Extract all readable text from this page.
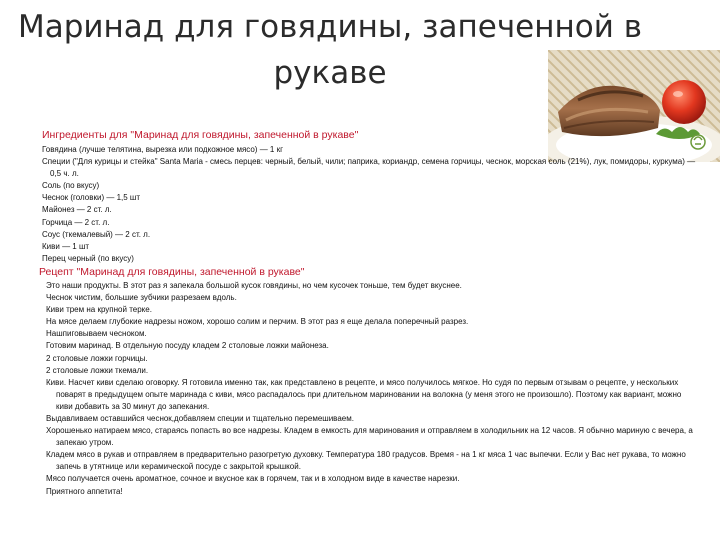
Маринад для говядины, запеченной в рукаве
Ингредиенты для "Маринад для говядины, запеченной в рукаве"
Говядина (лучше телятина, вырезка или подкожное мясо) — 1 кг
Специи ("Для курицы и стейка" Santa Maria - смесь перцев: черный, белый, чили; паприка, кориандр, семена горчицы, чеснок, морская соль (21%), лук, помидоры, куркума) — 0,5 ч. л.
Соль (по вкусу)
Чеснок (головки) — 1,5 шт
Майонез — 2 ст. л.
Горчица — 2 ст. л.
Соус (ткемалевый) — 2 ст. л.
Киви — 1 шт
Перец черный (по вкусу)
Рецепт "Маринад для говядины, запеченной в рукаве"
Это наши продукты. В этот раз я запекала большой кусок говядины, но чем кусочек тоньше, тем будет вкуснее.
Чеснок чистим, большие зубчики разрезаем вдоль.
Киви трем на крупной терке.
На мясе делаем глубокие надрезы ножом, хорошо солим и перчим. В этот раз я еще делала поперечный разрез.
Нашпиговываем чесноком.
Готовим маринад. В отдельную посуду кладем 2 столовые ложки майонеза.
2 столовые ложки горчицы.
2 столовые ложки ткемали.
Киви. Насчет киви сделаю оговорку. Я готовила именно так, как представлено в рецепте, и мясо получилось мягкое. Но судя по первым отзывам о рецепте, у нескольких поварят в предыдущем опыте маринада с киви, мясо распадалось при длительном мариновании на волокна (у меня этого не произошло). Поэтому как вариант, можно киви добавить за 30 минут до запекания.
Выдавливаем оставшийся чеснок,добавляем специи и тщательно перемешиваем.
Хорошенько натираем мясо, стараясь попасть во все надрезы. Кладем в емкость для маринования и отправляем в холодильник на 12 часов. Я обычно мариную с вечера, а запекаю утром.
Кладем мясо в рукав и отправляем в предварительно разогретую духовку. Температура 180 градусов. Время - на 1 кг мяса 1 час выпечки. Если у Вас нет рукава, то можно запечь в утятнице или керамической посуде с закрытой крышкой.
Мясо получается очень ароматное, сочное и вкусное как в горячем, так и в холодном виде в качестве нарезки.
Приятного аппетита!
